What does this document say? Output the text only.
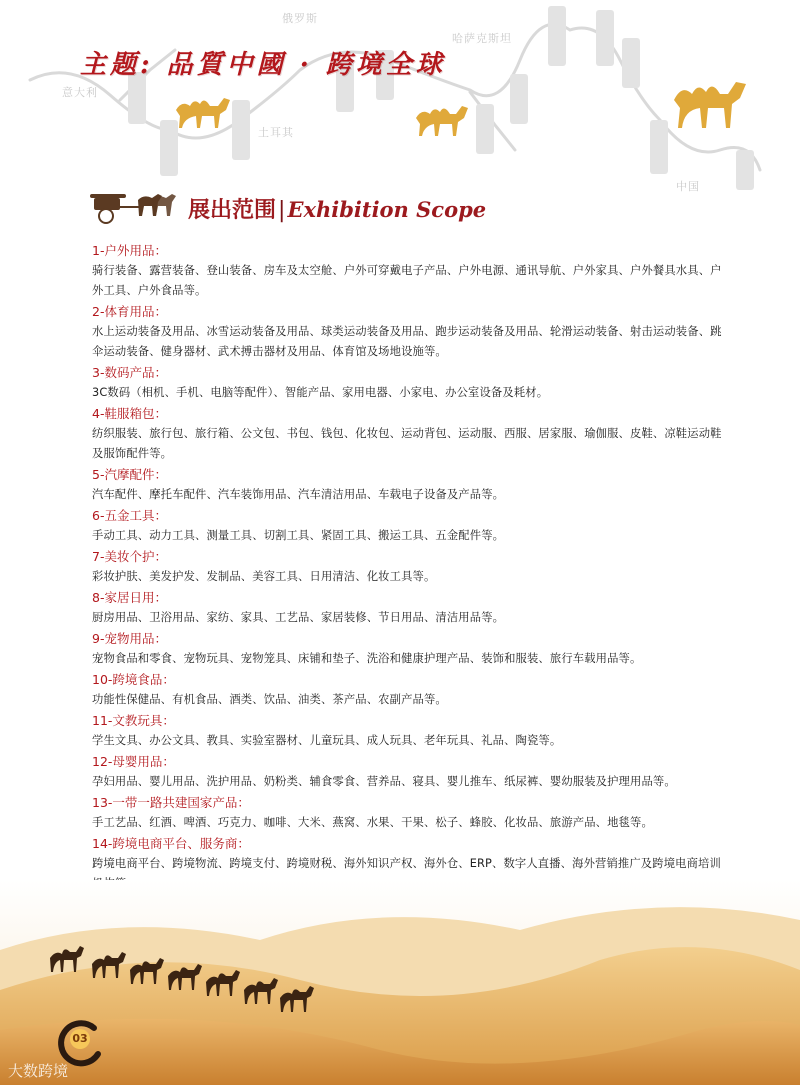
俄罗斯
哈萨克斯坦
意大利
土耳其
中国
主题: 品質中國 · 跨境全球
展出范围|Exhibition Scope
1-户外用品：

骑行装备、露营装备、登山装备、房车及太空舱、户外可穿戴电子产品、户外电源、通讯导航、户外家具、户外餐具水具、户外工具、户外食品等。

2-体育用品：

水上运动装备及用品、冰雪运动装备及用品、球类运动装备及用品、跑步运动装备及用品、轮滑运动装备、射击运动装备、跳伞运动装备、健身器材、武术搏击器材及用品、体育馆及场地设施等。

3-数码产品：

3C数码（相机、手机、电脑等配件）、智能产品、家用电器、小家电、办公室设备及耗材。

4-鞋服箱包：

纺织服装、旅行包、旅行箱、公文包、书包、钱包、化妆包、运动背包、运动服、西服、居家服、瑜伽服、皮鞋、凉鞋运动鞋及服饰配件等。

5-汽摩配件：

汽车配件、摩托车配件、汽车装饰用品、汽车清洁用品、车载电子设备及产品等。

6-五金工具：

手动工具、动力工具、测量工具、切割工具、紧固工具、搬运工具、五金配件等。

7-美妆个护：

彩妆护肤、美发护发、发制品、美容工具、日用清洁、化妆工具等。

8-家居日用：

厨房用品、卫浴用品、家纺、家具、工艺品、家居装修、节日用品、清洁用品等。

9-宠物用品：

宠物食品和零食、宠物玩具、宠物笼具、床铺和垫子、洗浴和健康护理产品、装饰和服装、旅行车载用品等。

10-跨境食品：

功能性保健品、有机食品、酒类、饮品、油类、茶产品、农副产品等。

11-文教玩具：

学生文具、办公文具、教具、实验室器材、儿童玩具、成人玩具、老年玩具、礼品、陶瓷等。

12-母婴用品：

孕妇用品、婴儿用品、洗护用品、奶粉类、辅食零食、营养品、寝具、婴儿推车、纸尿裤、婴幼服装及护理用品等。

13-一带一路共建国家产品：

手工艺品、红酒、啤酒、巧克力、咖啡、大米、燕窝、水果、干果、松子、蜂胶、化妆品、旅游产品、地毯等。

14-跨境电商平台、服务商：

跨境电商平台、跨境物流、跨境支付、跨境财税、海外知识产权、海外仓、ERP、数字人直播、海外营销推广及跨境电商培训

03
大数跨境
